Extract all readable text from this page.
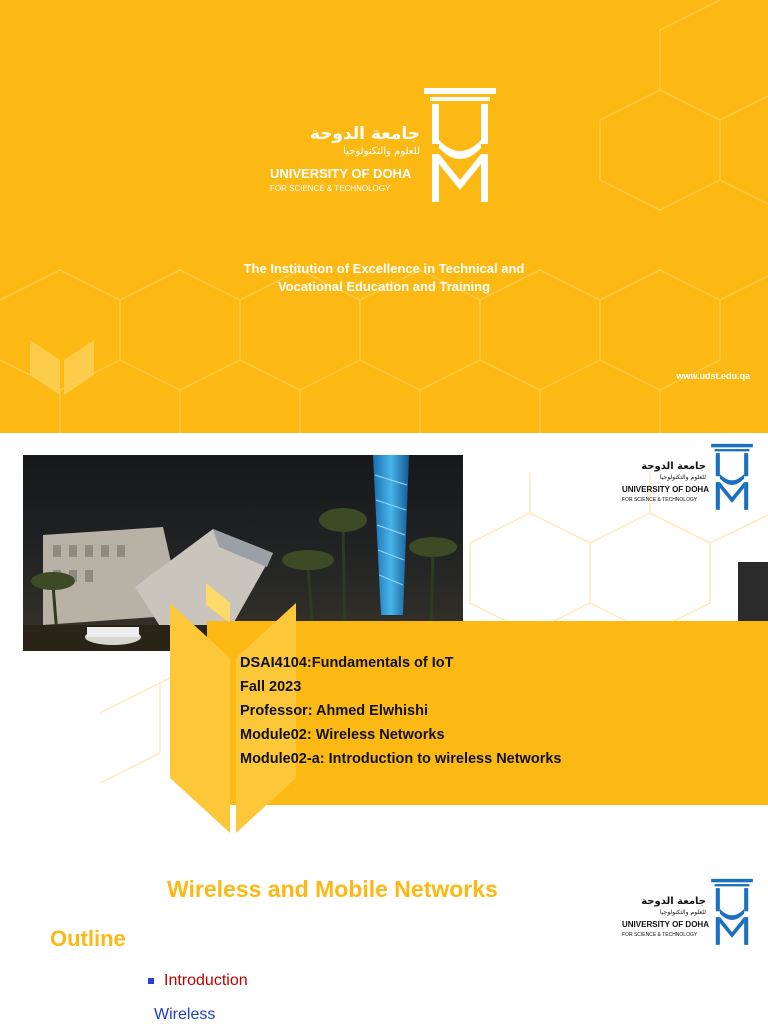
جامعة الدوحة
للعلوم والتكنولوجيا
UNIVERSITY OF DOHA
FOR SCIENCE & TECHNOLOGY
The Institution of Excellence in Technical and
Vocational Education and Training
www.udst.edu.qa
جامعة الدوحة
للعلوم والتكنولوجيا
UNIVERSITY OF DOHA
FOR SCIENCE & TECHNOLOGY
DSAI4104:Fundamentals of IoT
Fall 2023
Professor: Ahmed Elwhishi
Module02: Wireless Networks
Module02-a: Introduction to wireless Networks
Wireless and Mobile Networks	جامعة الدوحة
للعلوم والتكنولوجيا
UNIVERSITY OF DOHA
FOR SCIENCE & TECHNOLOGY
Outline
Introduction
Wireless
